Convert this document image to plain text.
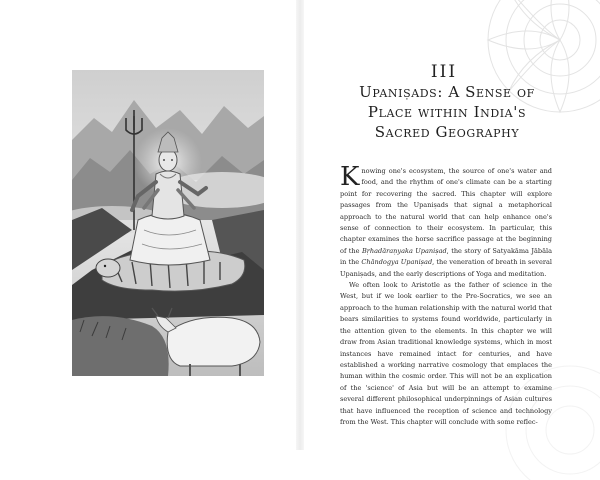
III
Upaniṣads: A Sense of
Place within India's
Sacred Geography

Knowing one's ecosystem, the source of one's water and food, and the rhythm of one's climate can be a starting point for recovering the sacred. This chapter will explore passages from the Upaniṣads that signal a metaphorical approach to the natural world that can help enhance one's sense of connection to their ecosystem. In particular, this chapter examines the horse sacrifice passage at the beginning of the Bṛhadāraṇyaka Upaniṣad, the story of Satyakāma Jābāla in the Chāndogya Upaniṣad, the veneration of breath in several Upaniṣads, and the early descriptions of Yoga and meditation.

We often look to Aristotle as the father of science in the West, but if we look earlier to the Pre-Socratics, we see an approach to the human relationship with the natural world that bears similarities to systems found worldwide, particularly in the attention given to the elements. In this chapter we will draw from Asian traditional knowledge systems, which in most instances have remained intact for centuries, and have established a working narrative cosmology that emplaces the human within the cosmic order. This will not be an explication of the 'science' of Asia but will be an attempt to examine several different philosophical underpinnings of Asian cultures that have influenced the reception of science and technology from the West. This chapter will conclude with some reflec-
